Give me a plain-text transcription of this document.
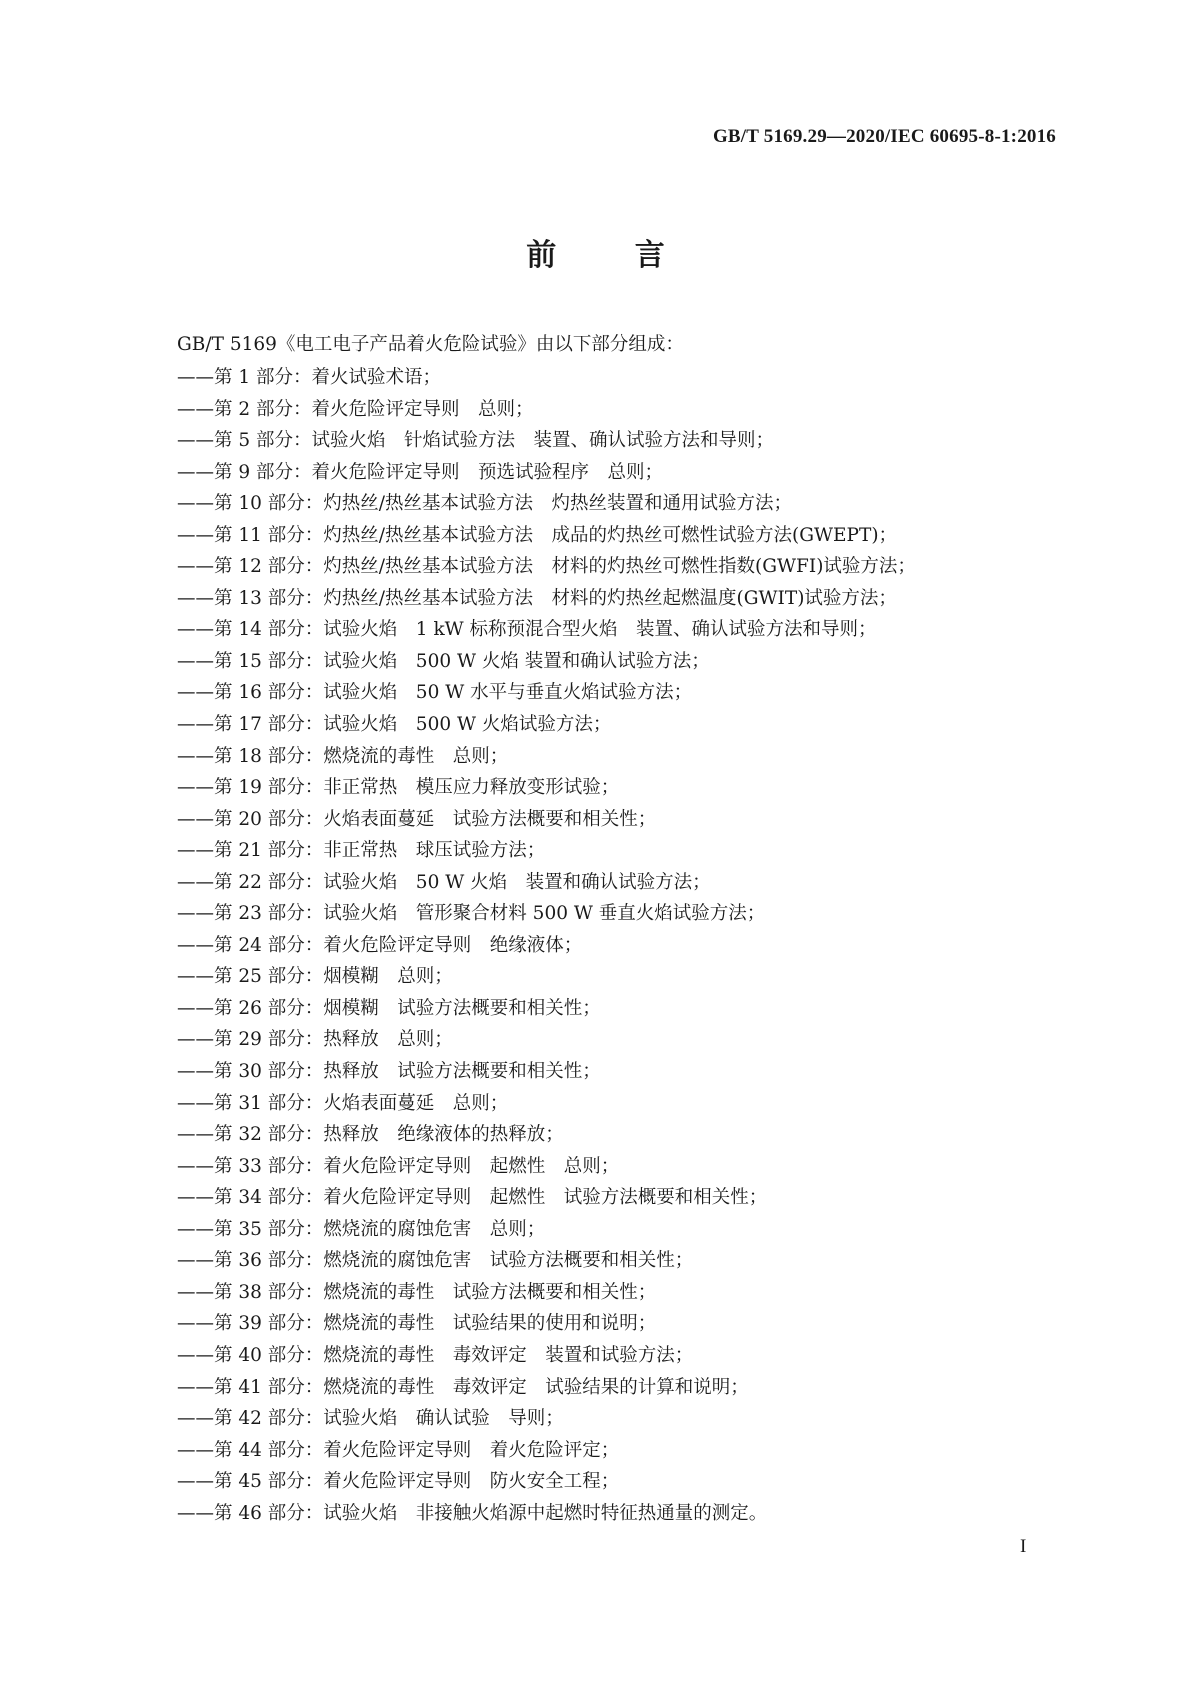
GB/T 5169.29—2020/IEC 60695-8-1:2016
前 言
GB/T 5169《电工电子产品着火危险试验》由以下部分组成：
——第 1 部分：着火试验术语；
——第 2 部分：着火危险评定导则　总则；
——第 5 部分：试验火焰　针焰试验方法　装置、确认试验方法和导则；
——第 9 部分：着火危险评定导则　预选试验程序　总则；
——第 10 部分：灼热丝/热丝基本试验方法　灼热丝装置和通用试验方法；
——第 11 部分：灼热丝/热丝基本试验方法　成品的灼热丝可燃性试验方法(GWEPT)；
——第 12 部分：灼热丝/热丝基本试验方法　材料的灼热丝可燃性指数(GWFI)试验方法；
——第 13 部分：灼热丝/热丝基本试验方法　材料的灼热丝起燃温度(GWIT)试验方法；
——第 14 部分：试验火焰　1 kW 标称预混合型火焰　装置、确认试验方法和导则；
——第 15 部分：试验火焰　500 W 火焰 装置和确认试验方法；
——第 16 部分：试验火焰　50 W 水平与垂直火焰试验方法；
——第 17 部分：试验火焰　500 W 火焰试验方法；
——第 18 部分：燃烧流的毒性　总则；
——第 19 部分：非正常热　模压应力释放变形试验；
——第 20 部分：火焰表面蔓延　试验方法概要和相关性；
——第 21 部分：非正常热　球压试验方法；
——第 22 部分：试验火焰　50 W 火焰　装置和确认试验方法；
——第 23 部分：试验火焰　管形聚合材料 500 W 垂直火焰试验方法；
——第 24 部分：着火危险评定导则　绝缘液体；
——第 25 部分：烟模糊　总则；
——第 26 部分：烟模糊　试验方法概要和相关性；
——第 29 部分：热释放　总则；
——第 30 部分：热释放　试验方法概要和相关性；
——第 31 部分：火焰表面蔓延　总则；
——第 32 部分：热释放　绝缘液体的热释放；
——第 33 部分：着火危险评定导则　起燃性　总则；
——第 34 部分：着火危险评定导则　起燃性　试验方法概要和相关性；
——第 35 部分：燃烧流的腐蚀危害　总则；
——第 36 部分：燃烧流的腐蚀危害　试验方法概要和相关性；
——第 38 部分：燃烧流的毒性　试验方法概要和相关性；
——第 39 部分：燃烧流的毒性　试验结果的使用和说明；
——第 40 部分：燃烧流的毒性　毒效评定　装置和试验方法；
——第 41 部分：燃烧流的毒性　毒效评定　试验结果的计算和说明；
——第 42 部分：试验火焰　确认试验　导则；
——第 44 部分：着火危险评定导则　着火危险评定；
——第 45 部分：着火危险评定导则　防火安全工程；
——第 46 部分：试验火焰　非接触火焰源中起燃时特征热通量的测定。
I
